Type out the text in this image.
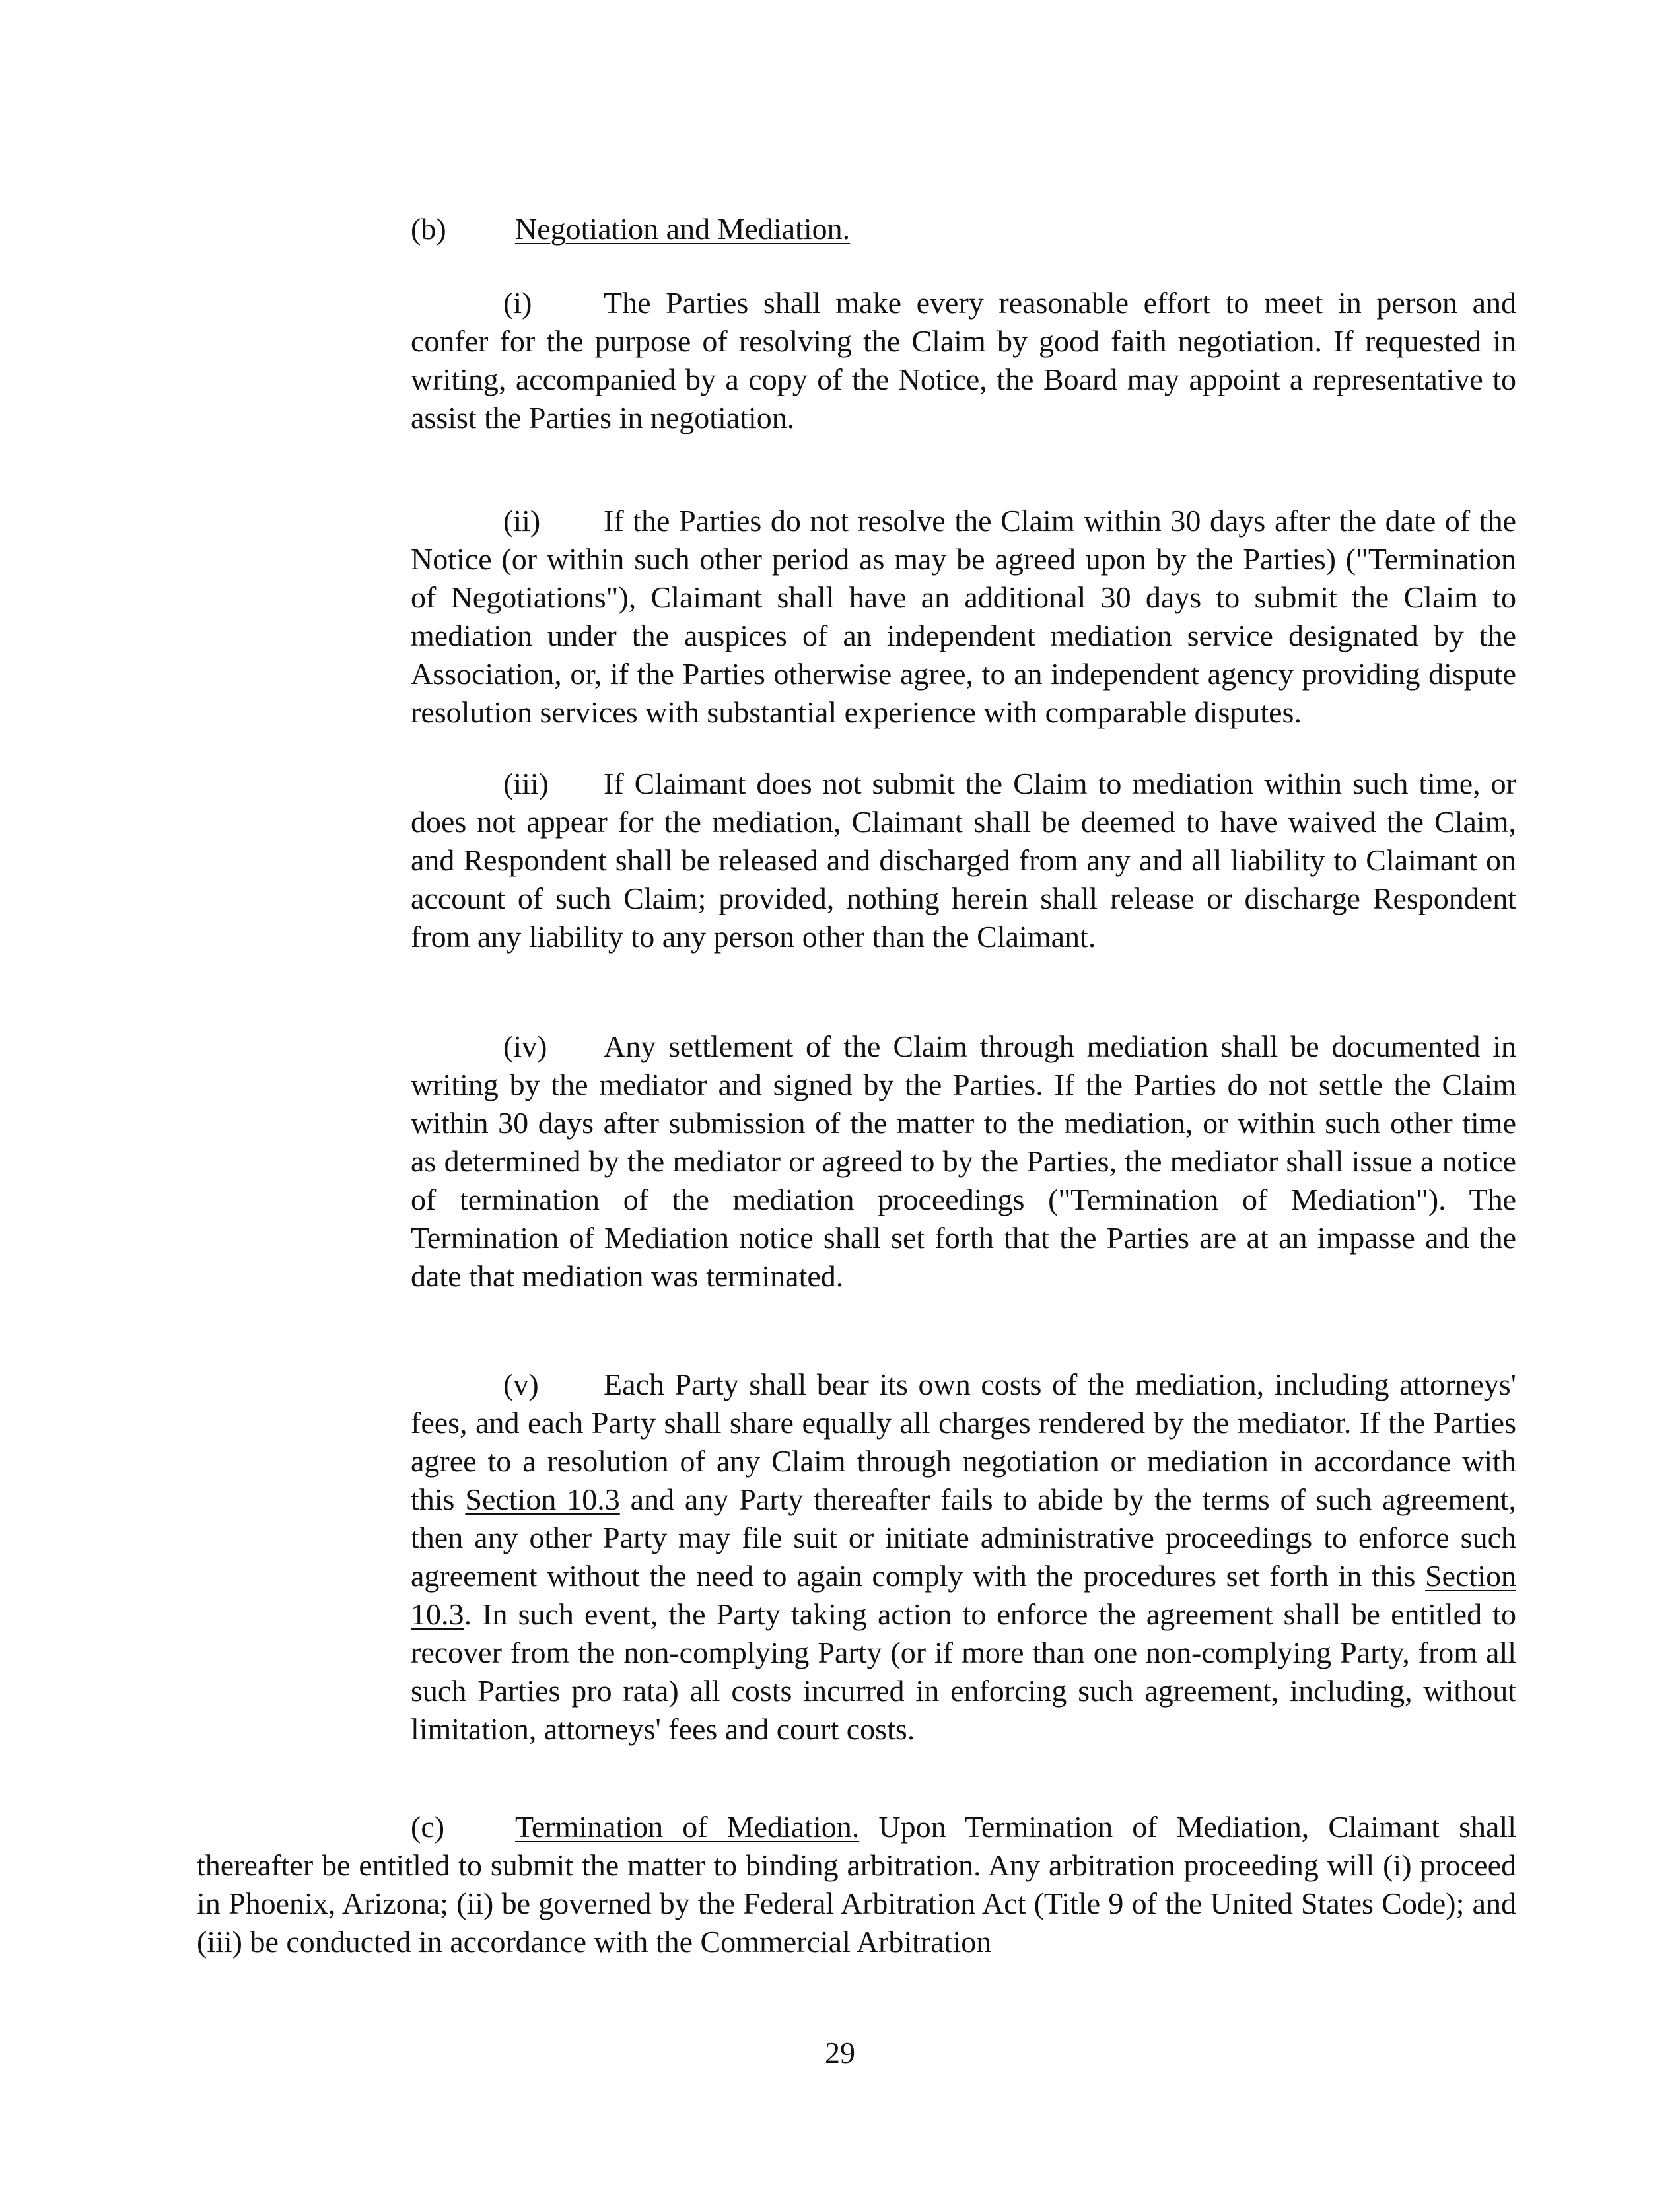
(b) Negotiation and Mediation.

(i) The Parties shall make every reasonable effort to meet in person and confer for the purpose of resolving the Claim by good faith negotiation. If requested in writing, accompanied by a copy of the Notice, the Board may appoint a representative to assist the Parties in negotiation.

(ii) If the Parties do not resolve the Claim within 30 days after the date of the Notice (or within such other period as may be agreed upon by the Parties) ("Termination of Negotiations"), Claimant shall have an additional 30 days to submit the Claim to mediation under the auspices of an independent mediation service designated by the Association, or, if the Parties otherwise agree, to an independent agency providing dispute resolution services with substantial experience with comparable disputes.

(iii) If Claimant does not submit the Claim to mediation within such time, or does not appear for the mediation, Claimant shall be deemed to have waived the Claim, and Respondent shall be released and discharged from any and all liability to Claimant on account of such Claim; provided, nothing herein shall release or discharge Respondent from any liability to any person other than the Claimant.

(iv) Any settlement of the Claim through mediation shall be documented in writing by the mediator and signed by the Parties. If the Parties do not settle the Claim within 30 days after submission of the matter to the mediation, or within such other time as determined by the mediator or agreed to by the Parties, the mediator shall issue a notice of termination of the mediation proceedings ("Termination of Mediation"). The Termination of Mediation notice shall set forth that the Parties are at an impasse and the date that mediation was terminated.

(v) Each Party shall bear its own costs of the mediation, including attorneys' fees, and each Party shall share equally all charges rendered by the mediator. If the Parties agree to a resolution of any Claim through negotiation or mediation in accordance with this Section 10.3 and any Party thereafter fails to abide by the terms of such agreement, then any other Party may file suit or initiate administrative proceedings to enforce such agreement without the need to again comply with the procedures set forth in this Section 10.3. In such event, the Party taking action to enforce the agreement shall be entitled to recover from the non-complying Party (or if more than one non-complying Party, from all such Parties pro rata) all costs incurred in enforcing such agreement, including, without limitation, attorneys' fees and court costs.

(c) Termination of Mediation. Upon Termination of Mediation, Claimant shall thereafter be entitled to submit the matter to binding arbitration. Any arbitration proceeding will (i) proceed in Phoenix, Arizona; (ii) be governed by the Federal Arbitration Act (Title 9 of the United States Code); and (iii) be conducted in accordance with the Commercial Arbitration

29
